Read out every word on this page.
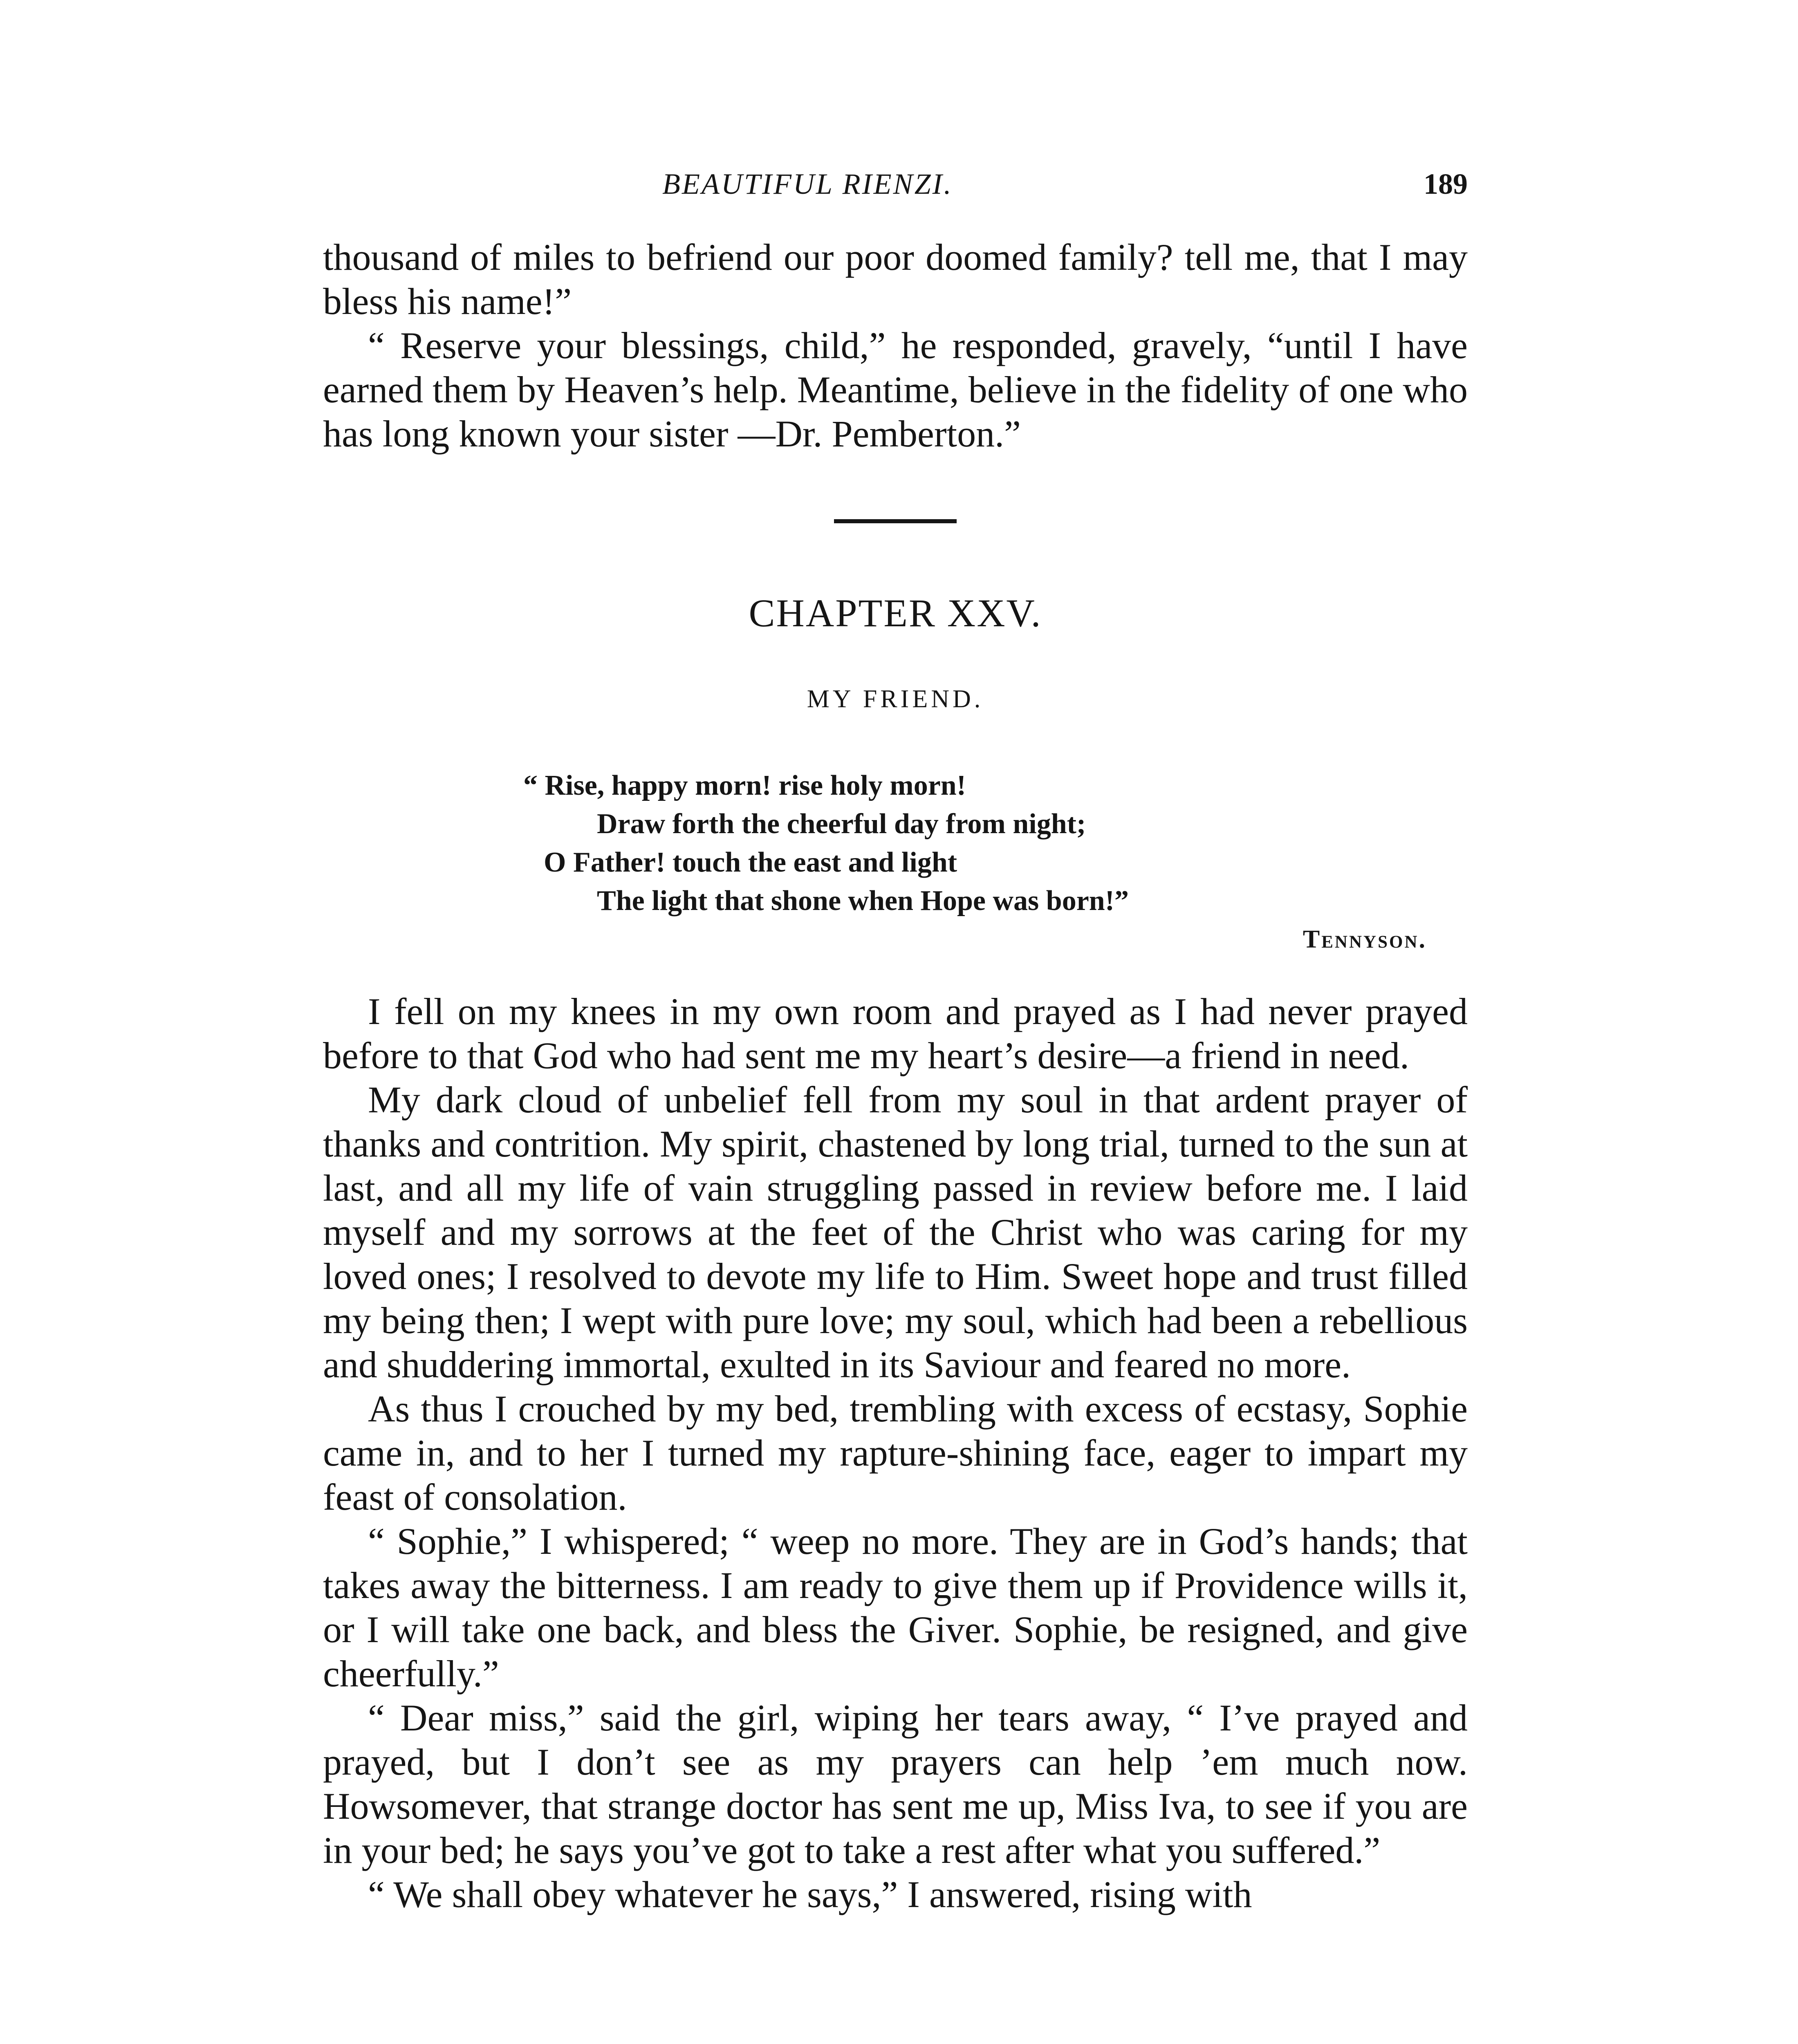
BEAUTIFUL RIENZI.	189

thousand of miles to befriend our poor doomed family? tell me, that I may bless his name!”

“ Reserve your blessings, child,” he responded, gravely, “until I have earned them by Heaven’s help. Meantime, believe in the fidelity of one who has long known your sister —Dr. Pemberton.”

CHAPTER XXV.
MY FRIEND.
“ Rise, happy morn! rise holy morn!
Draw forth the cheerful day from night;
O Father! touch the east and light
The light that shone when Hope was born!”
Tennyson.

I fell on my knees in my own room and prayed as I had never prayed before to that God who had sent me my heart’s desire—a friend in need.

My dark cloud of unbelief fell from my soul in that ardent prayer of thanks and contrition. My spirit, chastened by long trial, turned to the sun at last, and all my life of vain struggling passed in review before me. I laid myself and my sorrows at the feet of the Christ who was caring for my loved ones; I resolved to devote my life to Him. Sweet hope and trust filled my being then; I wept with pure love; my soul, which had been a rebellious and shuddering immortal, exulted in its Saviour and feared no more.

As thus I crouched by my bed, trembling with excess of ecstasy, Sophie came in, and to her I turned my rapture-shining face, eager to impart my feast of consolation.

“ Sophie,” I whispered; “ weep no more. They are in God’s hands; that takes away the bitterness. I am ready to give them up if Providence wills it, or I will take one back, and bless the Giver. Sophie, be resigned, and give cheerfully.”

“ Dear miss,” said the girl, wiping her tears away, “ I’ve prayed and prayed, but I don’t see as my prayers can help ’em much now. Howsomever, that strange doctor has sent me up, Miss Iva, to see if you are in your bed; he says you’ve got to take a rest after what you suffered.”

“ We shall obey whatever he says,” I answered, rising with
